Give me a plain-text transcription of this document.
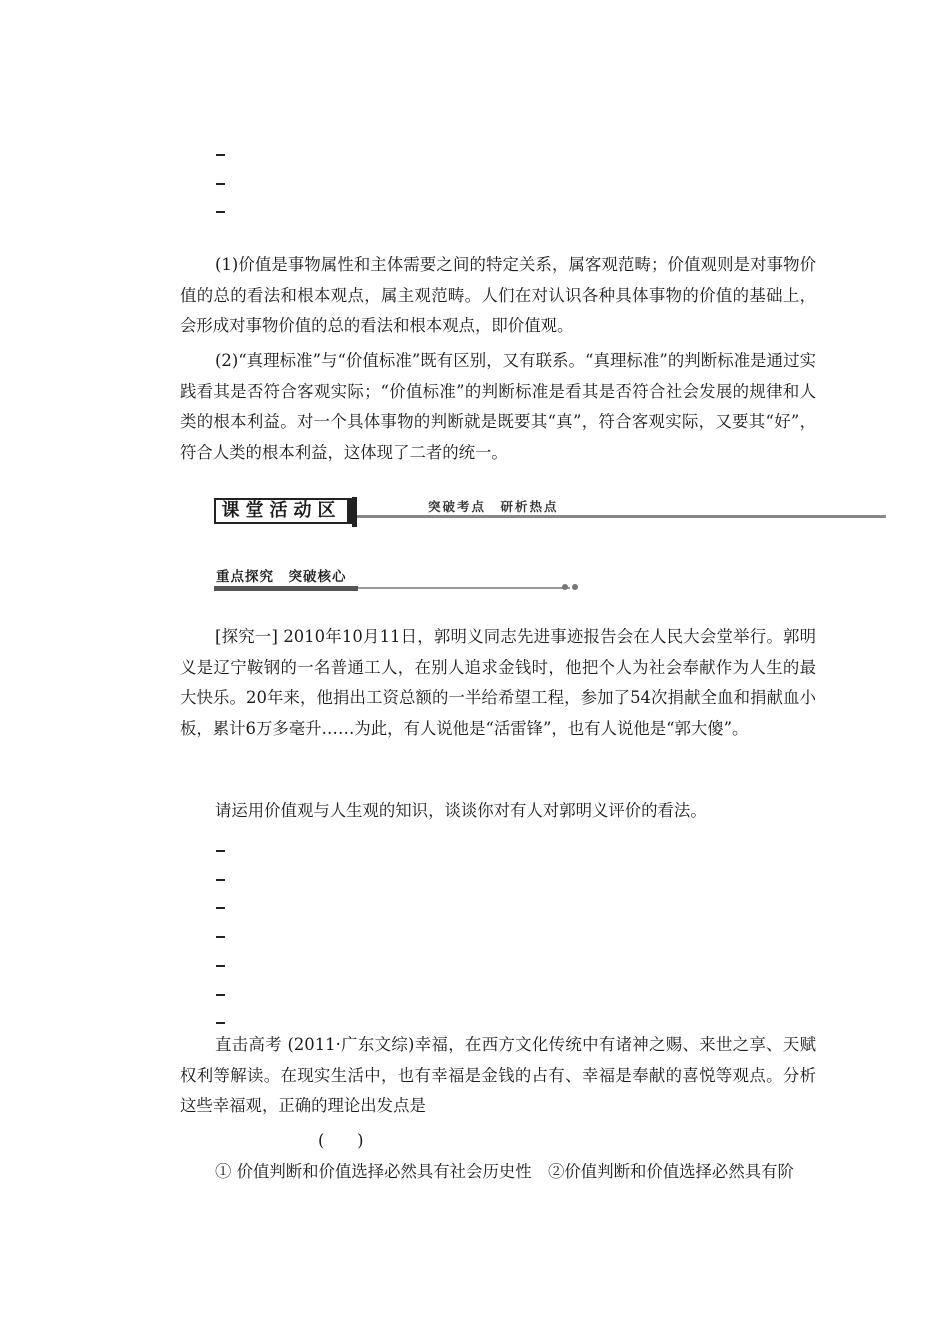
(1)价值是事物属性和主体需要之间的特定关系，属客观范畴；价值观则是对事物价值的总的看法和根本观点，属主观范畴。人们在对认识各种具体事物的价值的基础上，会形成对事物价值的总的看法和根本观点，即价值观。

(2)“真理标准”与“价值标准”既有区别，又有联系。“真理标准”的判断标准是通过实践看其是否符合客观实际；“价值标准”的判断标准是看其是否符合社会发展的规律和人类的根本利益。对一个具体事物的判断就是既要其“真”，符合客观实际，又要其“好”，符合人类的根本利益，这体现了二者的统一。

课堂活动区	突破考点　研析热点
重点探究　突破核心

[探究一] 2010年10月11日，郭明义同志先进事迹报告会在人民大会堂举行。郭明义是辽宁鞍钢的一名普通工人，在别人追求金钱时，他把个人为社会奉献作为人生的最大快乐。20年来，他捐出工资总额的一半给希望工程，参加了54次捐献全血和捐献血小板，累计6万多毫升……为此，有人说他是“活雷锋”，也有人说他是“郭大傻”。

请运用价值观与人生观的知识，谈谈你对有人对郭明义评价的看法。

直击高考 (2011·广东文综)幸福，在西方文化传统中有诸神之赐、来世之享、天赋权利等解读。在现实生活中，也有幸福是金钱的占有、幸福是奉献的喜悦等观点。分析这些幸福观，正确的理论出发点是

(　　)

① 价值判断和价值选择必然具有社会历史性　②价值判断和价值选择必然具有阶
